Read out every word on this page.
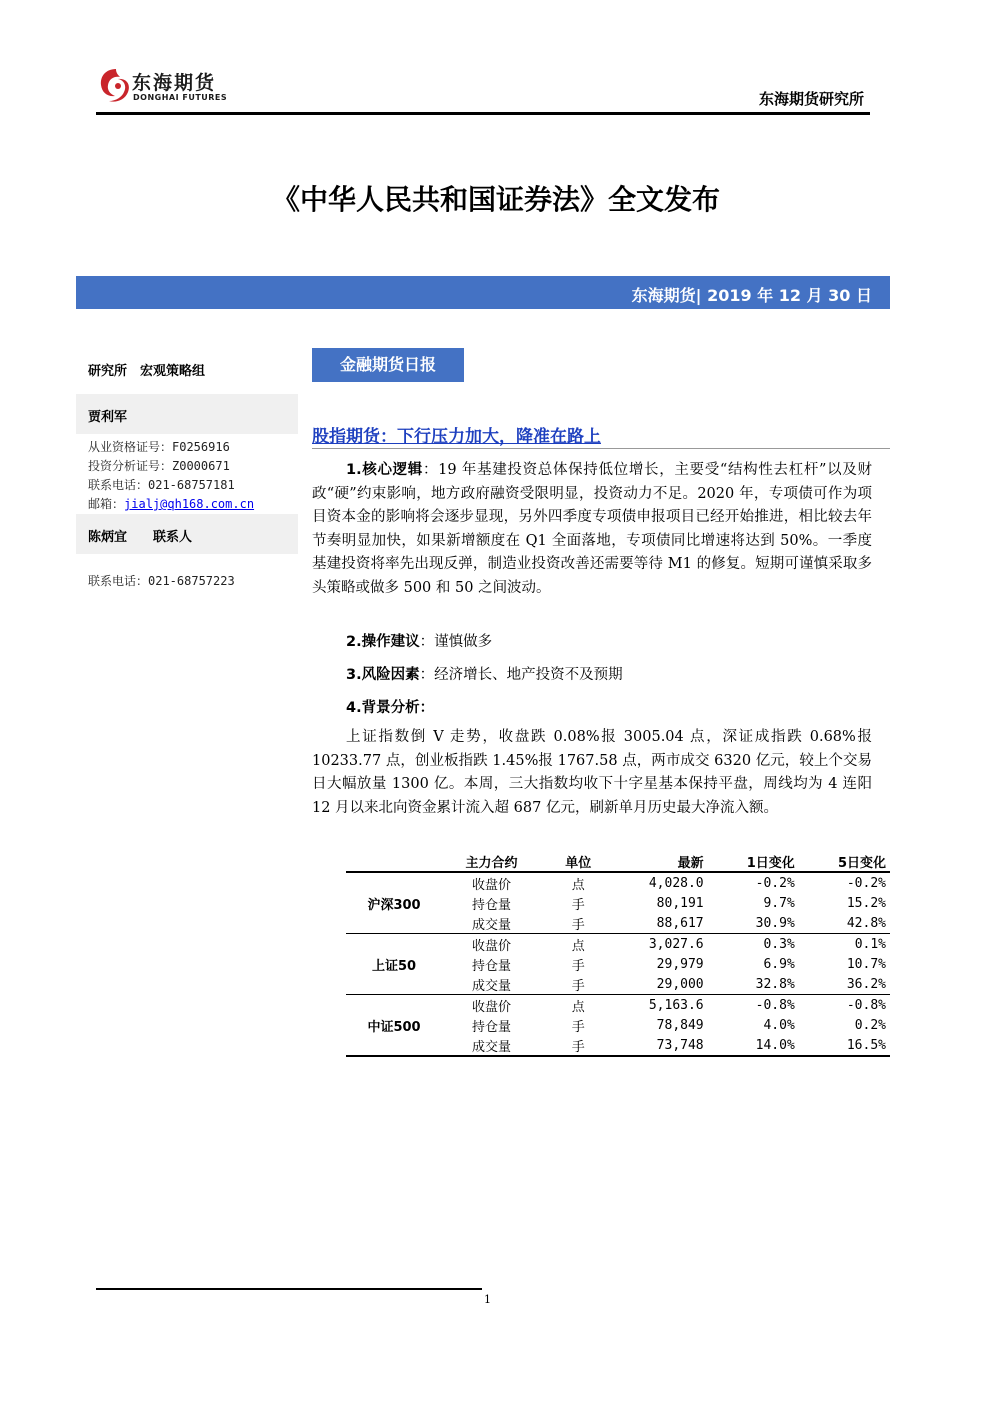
东海期货
DONGHAI FUTURES	东海期货研究所
《中华人民共和国证券法》全文发布
东海期货| 2019 年 12 月 30 日
研究所　宏观策略组
贾利军
从业资格证号：F0256916
投资分析证号：Z0000671
联系电话：021-68757181
邮箱：jialj@qh168.com.cn
陈炳宜　　联系人
联系电话：021-68757223
金融期货日报
股指期货：下行压力加大，降准在路上
1.核心逻辑：19 年基建投资总体保持低位增长，主要受“结构性去杠杆”以及财政“硬”约束影响，地方政府融资受限明显，投资动力不足。2020 年，专项债可作为项目资本金的影响将会逐步显现，另外四季度专项债申报项目已经开始推进，相比较去年节奏明显加快，如果新增额度在 Q1 全面落地，专项债同比增速将达到 50%。一季度基建投资将率先出现反弹，制造业投资改善还需要等待 M1 的修复。短期可谨慎采取多头策略或做多 500 和 50 之间波动。
2.操作建议：谨慎做多
3.风险因素：经济增长、地产投资不及预期
4.背景分析：
上证指数倒 V 走势，收盘跌 0.08%报 3005.04 点，深证成指跌 0.68%报 10233.77 点，创业板指跌 1.45%报 1767.58 点，两市成交 6320 亿元，较上个交易日大幅放量 1300 亿。本周，三大指数均收下十字星基本保持平盘，周线均为 4 连阳 12 月以来北向资金累计流入超 687 亿元，刷新单月历史最大净流入额。
	主力合约	单位	最新	1日变化	5日变化
沪深300	收盘价	点	4,028.0	-0.2%	-0.2%
	持仓量	手	80,191	9.7%	15.2%
	成交量	手	88,617	30.9%	42.8%
上证50	收盘价	点	3,027.6	0.3%	0.1%
	持仓量	手	29,979	6.9%	10.7%
	成交量	手	29,000	32.8%	36.2%
中证500	收盘价	点	5,163.6	-0.8%	-0.8%
	持仓量	手	78,849	4.0%	0.2%
	成交量	手	73,748	14.0%	16.5%
1
